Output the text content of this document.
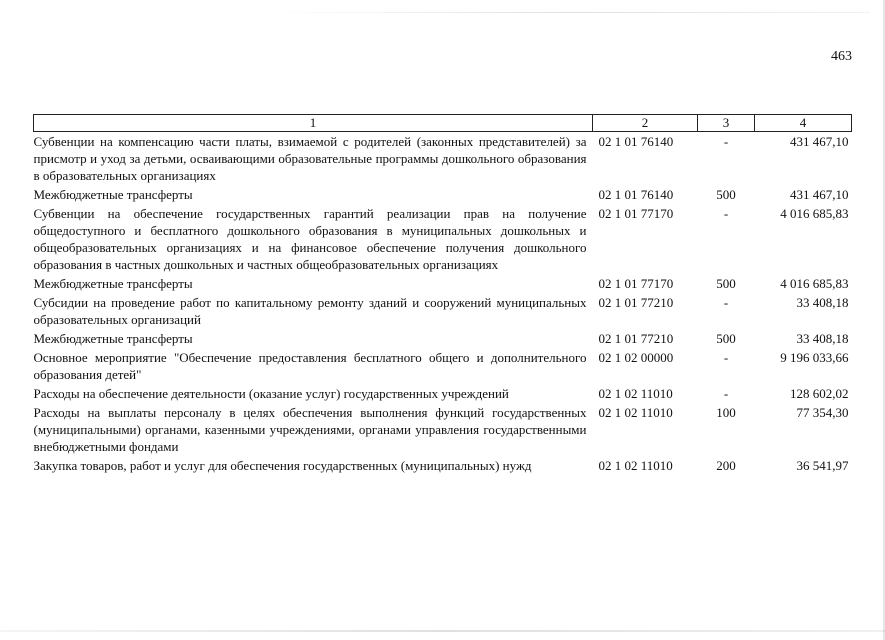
463
1	2	3	4
Субвенции на компенсацию части платы, взимаемой с родителей (законных представителей) за присмотр и уход за детьми, осваивающими образовательные программы дошкольного образования в образовательных организациях	02 1 01 76140	-	431 467,10
Межбюджетные трансферты	02 1 01 76140	500	431 467,10
Субвенции на обеспечение государственных гарантий реализации прав на получение общедоступного и бесплатного дошкольного образования в муниципальных дошкольных и общеобразовательных организациях и на финансовое обеспечение получения дошкольного образования в частных дошкольных и частных общеобразовательных организациях	02 1 01 77170	-	4 016 685,83
Межбюджетные трансферты	02 1 01 77170	500	4 016 685,83
Субсидии на проведение работ по капитальному ремонту зданий и сооружений муниципальных образовательных организаций	02 1 01 77210	-	33 408,18
Межбюджетные трансферты	02 1 01 77210	500	33 408,18
Основное мероприятие "Обеспечение предоставления бесплатного общего и дополнительного образования детей"	02 1 02 00000	-	9 196 033,66
Расходы на обеспечение деятельности (оказание услуг) государственных учреждений	02 1 02 11010	-	128 602,02
Расходы на выплаты персоналу в целях обеспечения выполнения функций государственных (муниципальными) органами, казенными учреждениями, органами управления государственными внебюджетными фондами	02 1 02 11010	100	77 354,30
Закупка товаров, работ и услуг для обеспечения государственных (муниципальных) нужд	02 1 02 11010	200	36 541,97
